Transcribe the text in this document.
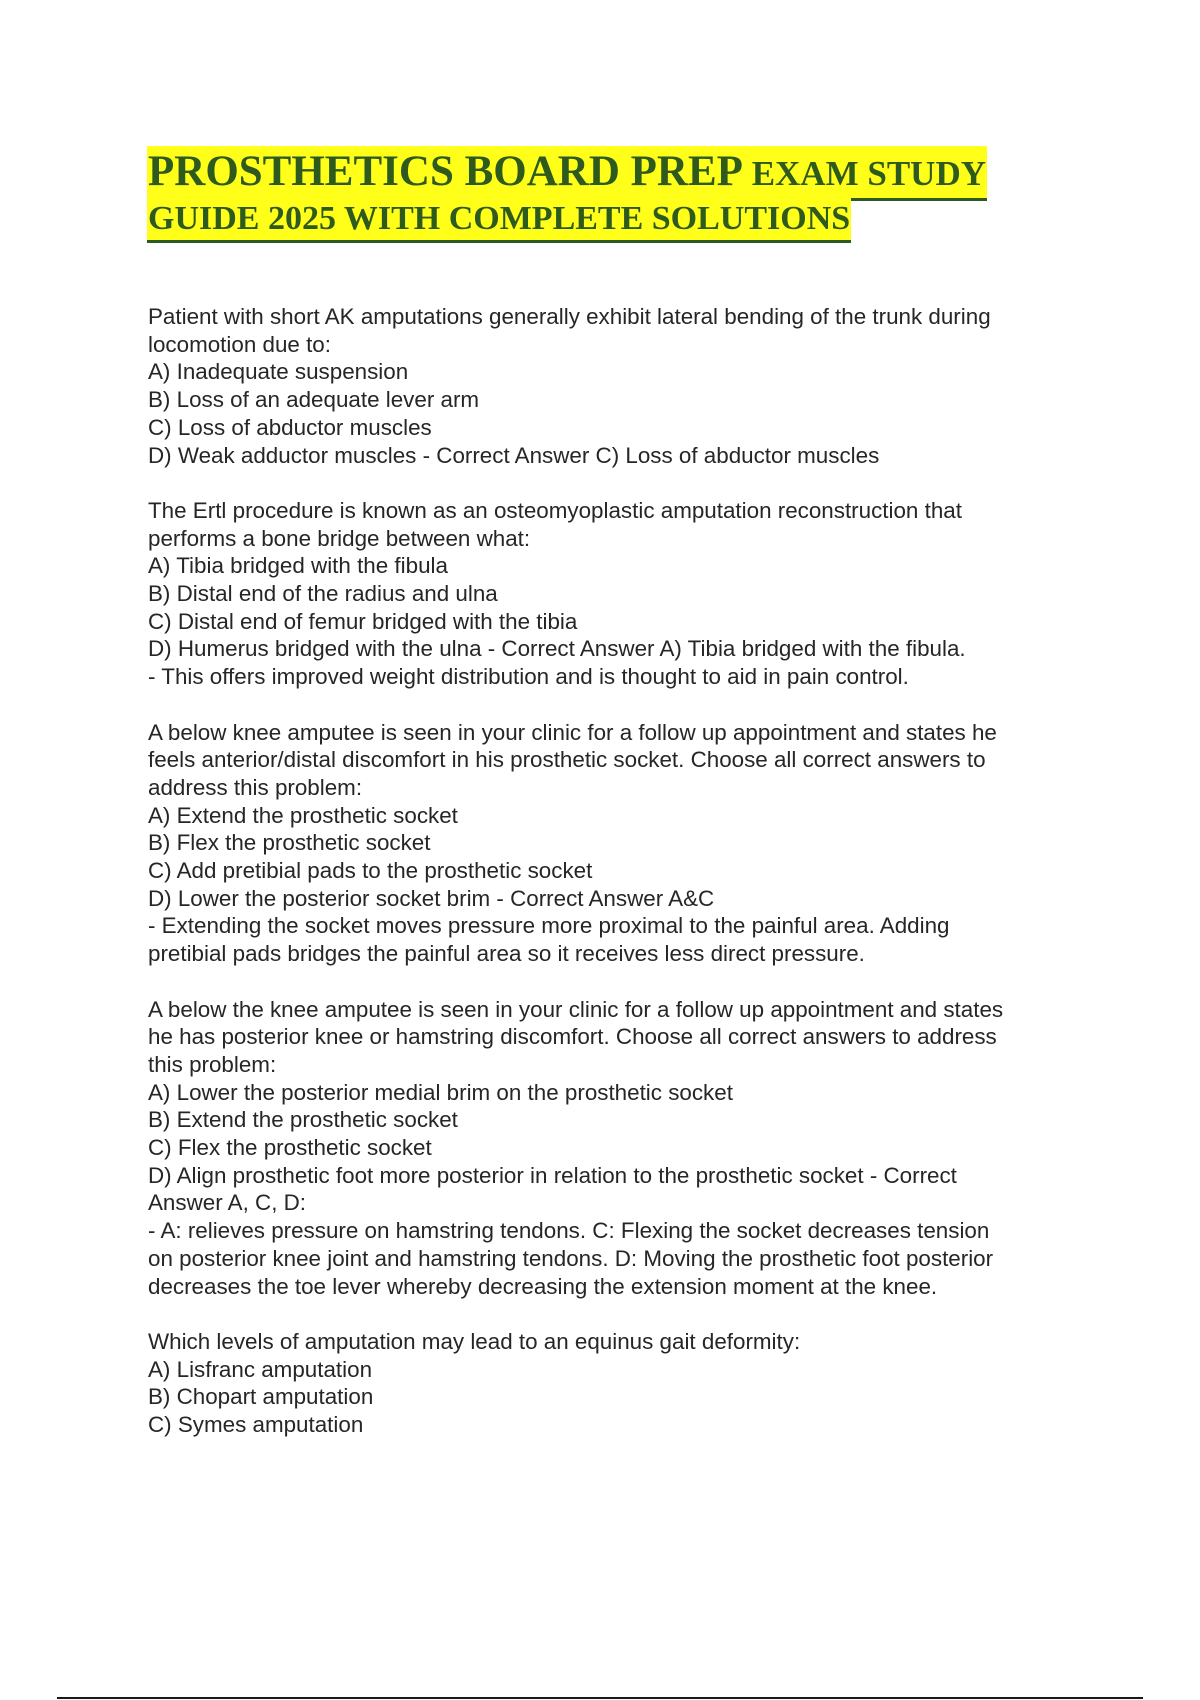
PROSTHETICS BOARD PREP EXAM STUDY
GUIDE 2025 WITH COMPLETE SOLUTIONS

Patient with short AK amputations generally exhibit lateral bending of the trunk during

locomotion due to:

A) Inadequate suspension

B) Loss of an adequate lever arm

C) Loss of abductor muscles

D) Weak adductor muscles - Correct Answer C) Loss of abductor muscles

The Ertl procedure is known as an osteomyoplastic amputation reconstruction that

performs a bone bridge between what:

A) Tibia bridged with the fibula

B) Distal end of the radius and ulna

C) Distal end of femur bridged with the tibia

D) Humerus bridged with the ulna - Correct Answer A) Tibia bridged with the fibula.

- This offers improved weight distribution and is thought to aid in pain control.

A below knee amputee is seen in your clinic for a follow up appointment and states he

feels anterior/distal discomfort in his prosthetic socket. Choose all correct answers to

address this problem:

A) Extend the prosthetic socket

B) Flex the prosthetic socket

C) Add pretibial pads to the prosthetic socket

D) Lower the posterior socket brim - Correct Answer A&C

- Extending the socket moves pressure more proximal to the painful area. Adding

pretibial pads bridges the painful area so it receives less direct pressure.

A below the knee amputee is seen in your clinic for a follow up appointment and states

he has posterior knee or hamstring discomfort. Choose all correct answers to address

this problem:

A) Lower the posterior medial brim on the prosthetic socket

B) Extend the prosthetic socket

C) Flex the prosthetic socket

D) Align prosthetic foot more posterior in relation to the prosthetic socket - Correct

Answer A, C, D:

- A: relieves pressure on hamstring tendons. C: Flexing the socket decreases tension

on posterior knee joint and hamstring tendons. D: Moving the prosthetic foot posterior

decreases the toe lever whereby decreasing the extension moment at the knee.

Which levels of amputation may lead to an equinus gait deformity:

A) Lisfranc amputation

B) Chopart amputation

C) Symes amputation
